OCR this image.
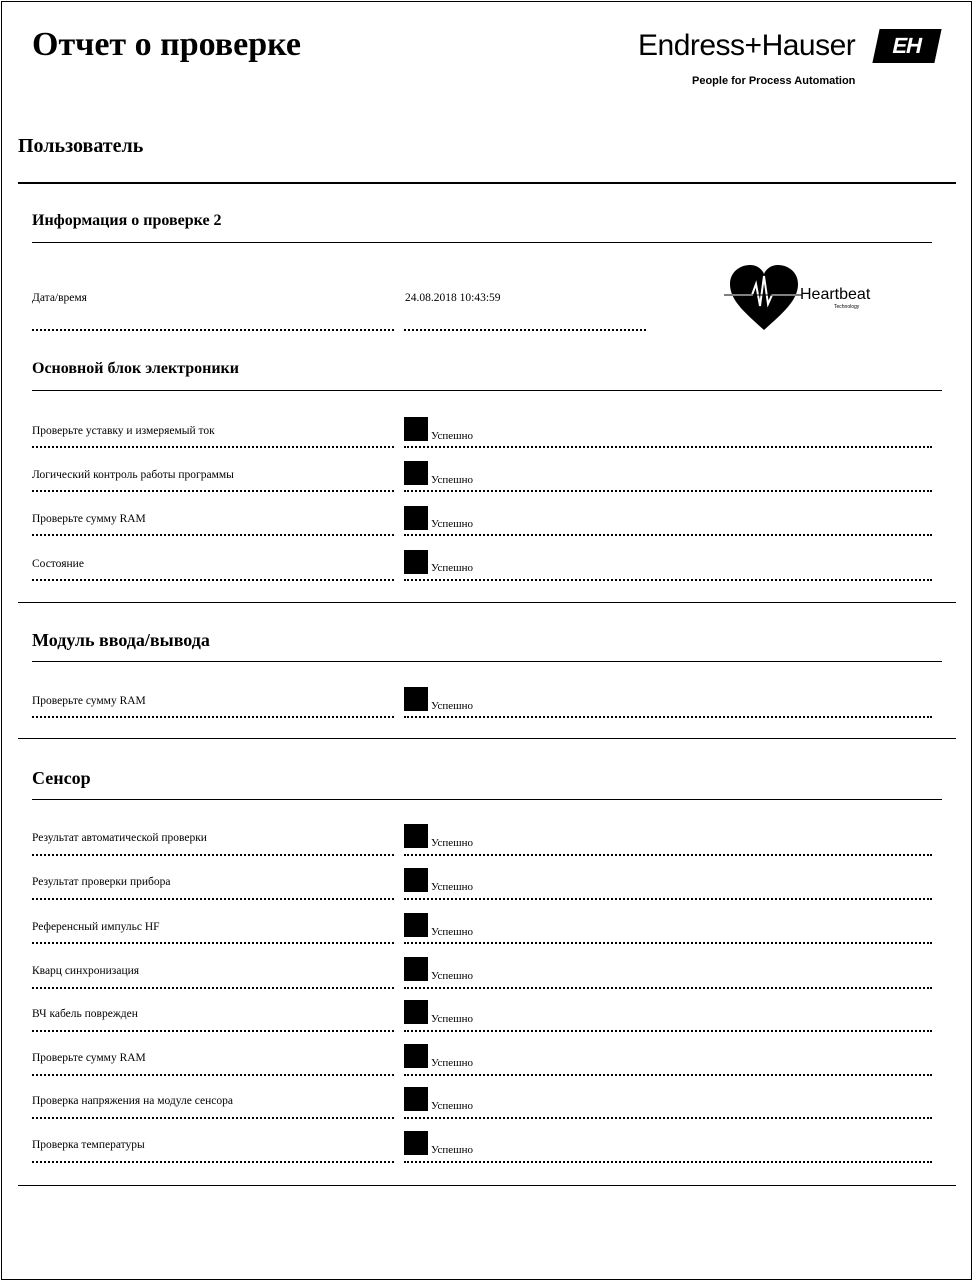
Отчет о проверке	Endress+Hauser EH
People for Process Automation
Пользователь
Информация о проверке 2
Дата/время	24.08.2018 10:43:59	Heartbeat
Technology
Основной блок электроники
Проверьте уставку и измеряемый ток	Успешно
Логический контроль работы программы	Успешно
Проверьте сумму RAM	Успешно
Состояние	Успешно
Модуль ввода/вывода
Проверьте сумму RAM	Успешно
Сенсор
Результат автоматической проверки	Успешно
Результат проверки прибора	Успешно
Референсный импульс HF	Успешно
Кварц синхронизация	Успешно
ВЧ кабель поврежден	Успешно
Проверьте сумму RAM	Успешно
Проверка напряжения на модуле сенсора	Успешно
Проверка температуры	Успешно
